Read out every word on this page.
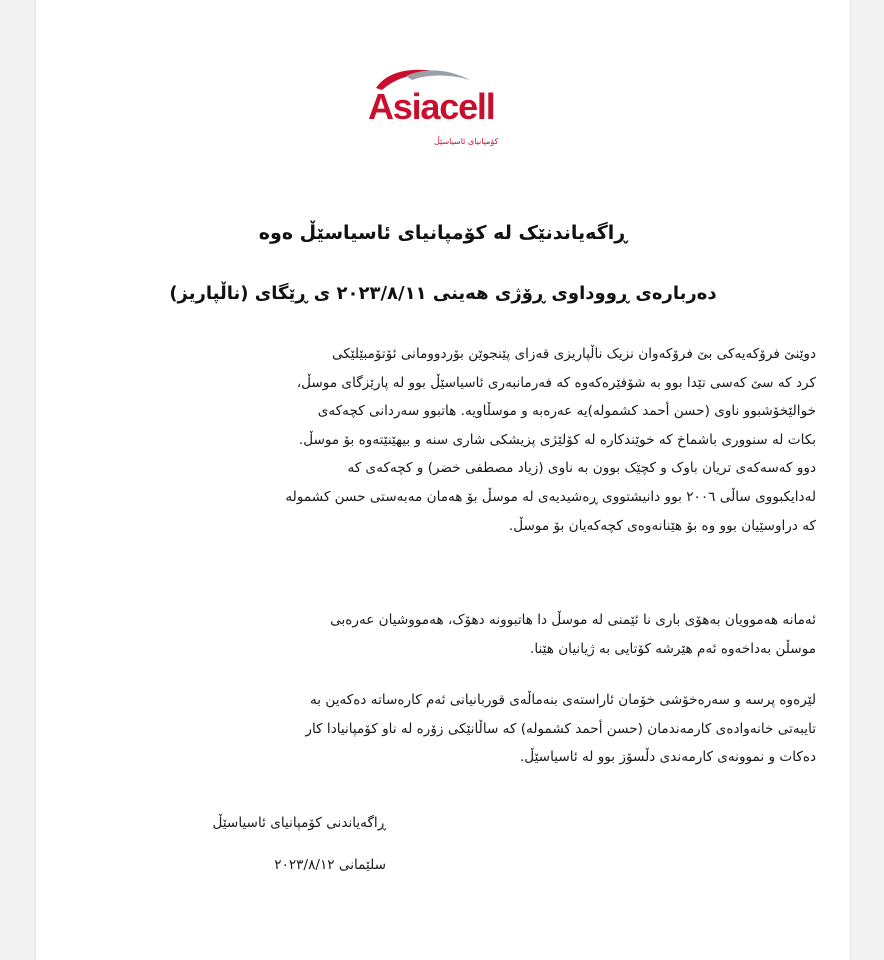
Asiacell
کۆمپانیای ئاسیاسێڵ
ڕاگەیاندنێک لە کۆمپانیای ئاسیاسێڵ ەوە
دەربارەی ڕووداوی ڕۆژی هەینی ٢٠٢٣/٨/١١ ی ڕێگای (ناڵپاریز)
دوێنێ فرۆکەیەکی بێ فرۆکەوان نزیک ناڵپاریزی قەزای پێنجوێن بۆردوومانی ئۆتۆمبێلێکی
کرد کە سێ کەسی تێدا بوو بە شۆفێرەکەوە کە فەرمانبەری ئاسیاسێڵ بوو لە پارێزگای موسڵ،
خوالێخۆشبوو ناوی (حسن أحمد کشمولە)یە عەرەبە و موسڵاویە. هاتبوو سەردانی کچەکەی
بکات لە سنووری باشماخ کە خوێندکارە لە کۆلێژی پزیشکی شاری سنە و بیهێنێتەوە بۆ موسڵ.
دوو کەسەکەی تریان باوک و کچێک بوون بە ناوی (زیاد مصطفی خضر) و کچەکەی کە
لەدایکبووی ساڵی ٢٠٠٦ بوو دانیشتووی ڕەشیدیەی لە موسڵ بۆ هەمان مەبەستی حسن کشمولە
کە دراوسێیان بوو وە بۆ هێنانەوەی کچەکەیان بۆ موسڵ.
ئەمانە هەموویان بەهۆی باری نا ئێمنی لە موسڵ دا هاتبوونە دهۆک، هەمووشیان عەرەبی
موسڵن بەداخەوە ئەم هێرشە کۆتایی بە ژیانیان هێنا.
لێرەوە پرسە و سەرەخۆشی خۆمان ئاراستەی بنەماڵەی قوربانیانی ئەم کارەساتە دەکەین بە
تایبەتی خانەوادەی کارمەندمان (حسن أحمد کشمولە) کە ساڵانێکی زۆرە لە ناو کۆمپانیادا کار
دەکات و نموونەی کارمەندی دڵسۆز بوو لە ئاسیاسێڵ.
ڕاگەیاندنی کۆمپانیای ئاسیاسێڵ
سلێمانی ٢٠٢٣/٨/١٢
